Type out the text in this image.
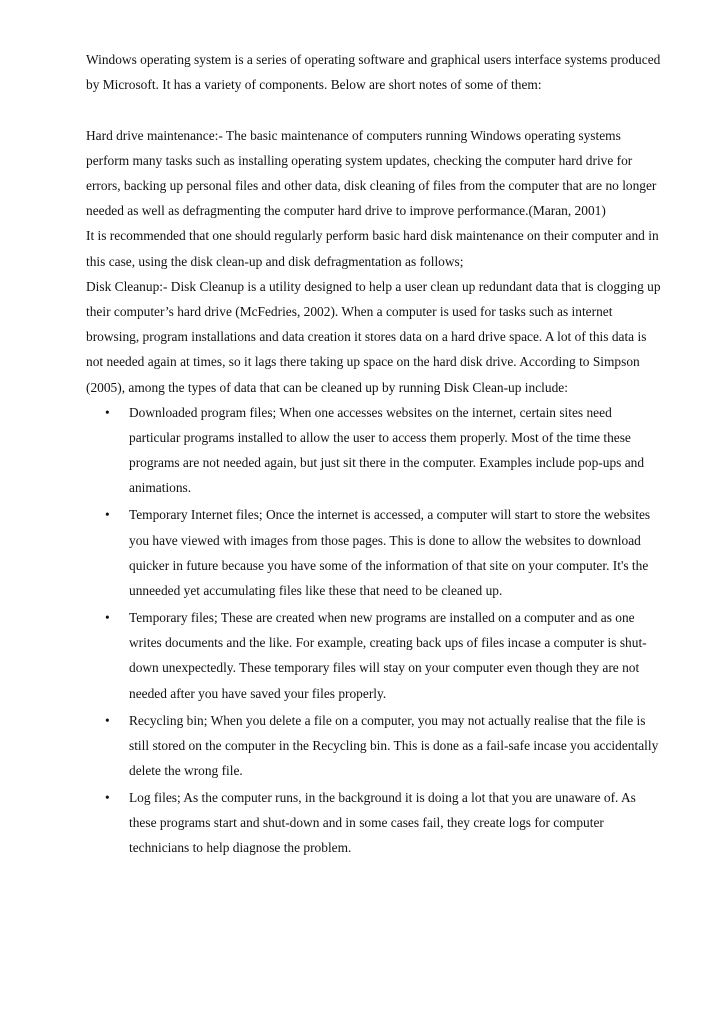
Windows operating system is a series of operating software and graphical users interface systems produced by Microsoft. It has a variety of components. Below are short notes of some of them:

Hard drive maintenance:- The basic maintenance of computers running Windows operating systems perform many tasks such as installing operating system updates, checking the computer hard drive for errors, backing up personal files and other data, disk cleaning of files from the computer that are no longer needed as well as defragmenting the computer hard drive to improve performance.(Maran, 2001)

It is recommended that one should regularly perform basic hard disk maintenance on their computer and in this case, using the disk clean-up and disk defragmentation as follows;

Disk Cleanup:- Disk Cleanup is a utility designed to help a user clean up redundant data that is clogging up their computer’s hard drive (McFedries, 2002). When a computer is used for tasks such as internet browsing, program installations and data creation it stores data on a hard drive space. A lot of this data is not needed again at times, so it lags there taking up space on the hard disk drive. According to Simpson (2005), among the types of data that can be cleaned up by running Disk Clean-up include:

•	Downloaded program files; When one accesses websites on the internet, certain sites need particular programs installed to allow the user to access them properly. Most of the time these programs are not needed again, but just sit there in the computer. Examples include pop-ups and animations.
•	Temporary Internet files; Once the internet is accessed, a computer will start to store the websites you have viewed with images from those pages. This is done to allow the websites to download quicker in future because you have some of the information of that site on your computer. It's the unneeded yet accumulating files like these that need to be cleaned up.
•	Temporary files; These are created when new programs are installed on a computer and as one writes documents and the like. For example, creating back ups of files incase a computer is shut-down unexpectedly. These temporary files will stay on your computer even though they are not needed after you have saved your files properly.
•	Recycling bin; When you delete a file on a computer, you may not actually realise that the file is still stored on the computer in the Recycling bin. This is done as a fail-safe incase you accidentally delete the wrong file.
•	Log files; As the computer runs, in the background it is doing a lot that you are unaware of. As these programs start and shut-down and in some cases fail, they create logs for computer technicians to help diagnose the problem.
